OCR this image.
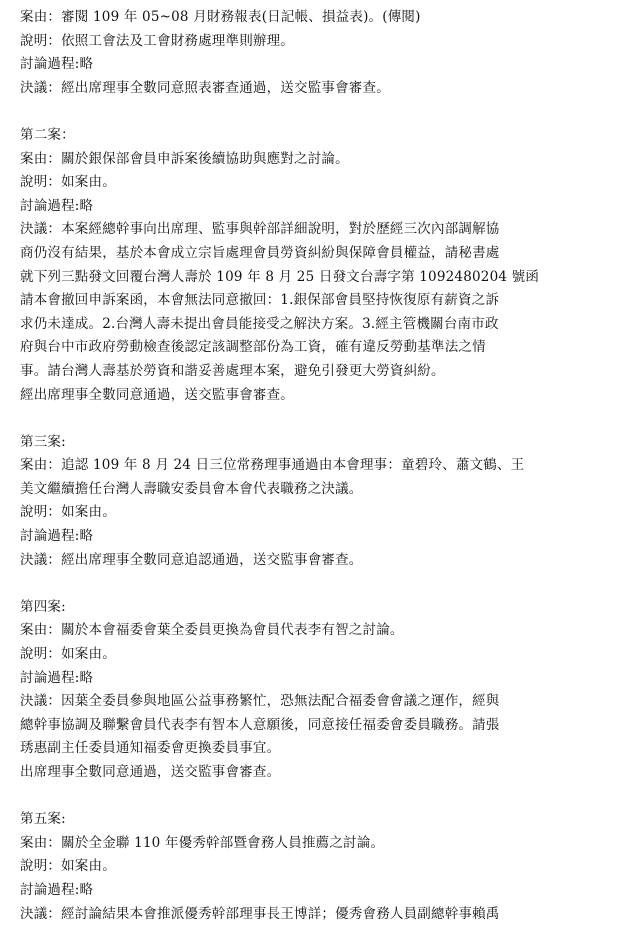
案由：審閱 109 年 05~08 月財務報表(日記帳、損益表)。(傳閱)
說明：依照工會法及工會財務處理準則辦理。
討論過程:略
決議：經出席理事全數同意照表審查通過，送交監事會審查。
第二案：
案由：關於銀保部會員申訴案後續協助與應對之討論。
說明：如案由。
討論過程:略
決議：本案經總幹事向出席理、監事與幹部詳細說明，對於歷經三次內部調解協
商仍沒有結果，基於本會成立宗旨處理會員勞資糾紛與保障會員權益，請秘書處
就下列三點發文回覆台灣人壽於 109 年 8 月 25 日發文台壽字第 1092480204 號函
請本會撤回申訴案函，本會無法同意撤回：1.銀保部會員堅持恢復原有薪資之訴
求仍未達成。2.台灣人壽未提出會員能接受之解決方案。3.經主管機關台南市政
府與台中市政府勞動檢查後認定該調整部份為工資，確有違反勞動基準法之情
事。請台灣人壽基於勞資和諧妥善處理本案，避免引發更大勞資糾紛。
經出席理事全數同意通過，送交監事會審查。
第三案:
案由：追認 109 年 8 月 24 日三位常務理事通過由本會理事：童碧玲、蕭文鶴、王
美文繼續擔任台灣人壽職安委員會本會代表職務之決議。
說明：如案由。
討論過程:略
決議：經出席理事全數同意追認通過，送交監事會審查。
第四案:
案由：關於本會福委會葉全委員更換為會員代表李有智之討論。
說明：如案由。
討論過程:略
決議：因葉全委員參與地區公益事務繁忙，恐無法配合福委會會議之運作，經與
總幹事協調及聯繫會員代表李有智本人意願後，同意接任福委會委員職務。請張
琇惠副主任委員通知福委會更換委員事宜。
出席理事全數同意通過，送交監事會審查。
第五案:
案由：關於全金聯 110 年優秀幹部暨會務人員推薦之討論。
說明：如案由。
討論過程:略
決議：經討論結果本會推派優秀幹部理事長王博詳；優秀會務人員副總幹事賴禹
